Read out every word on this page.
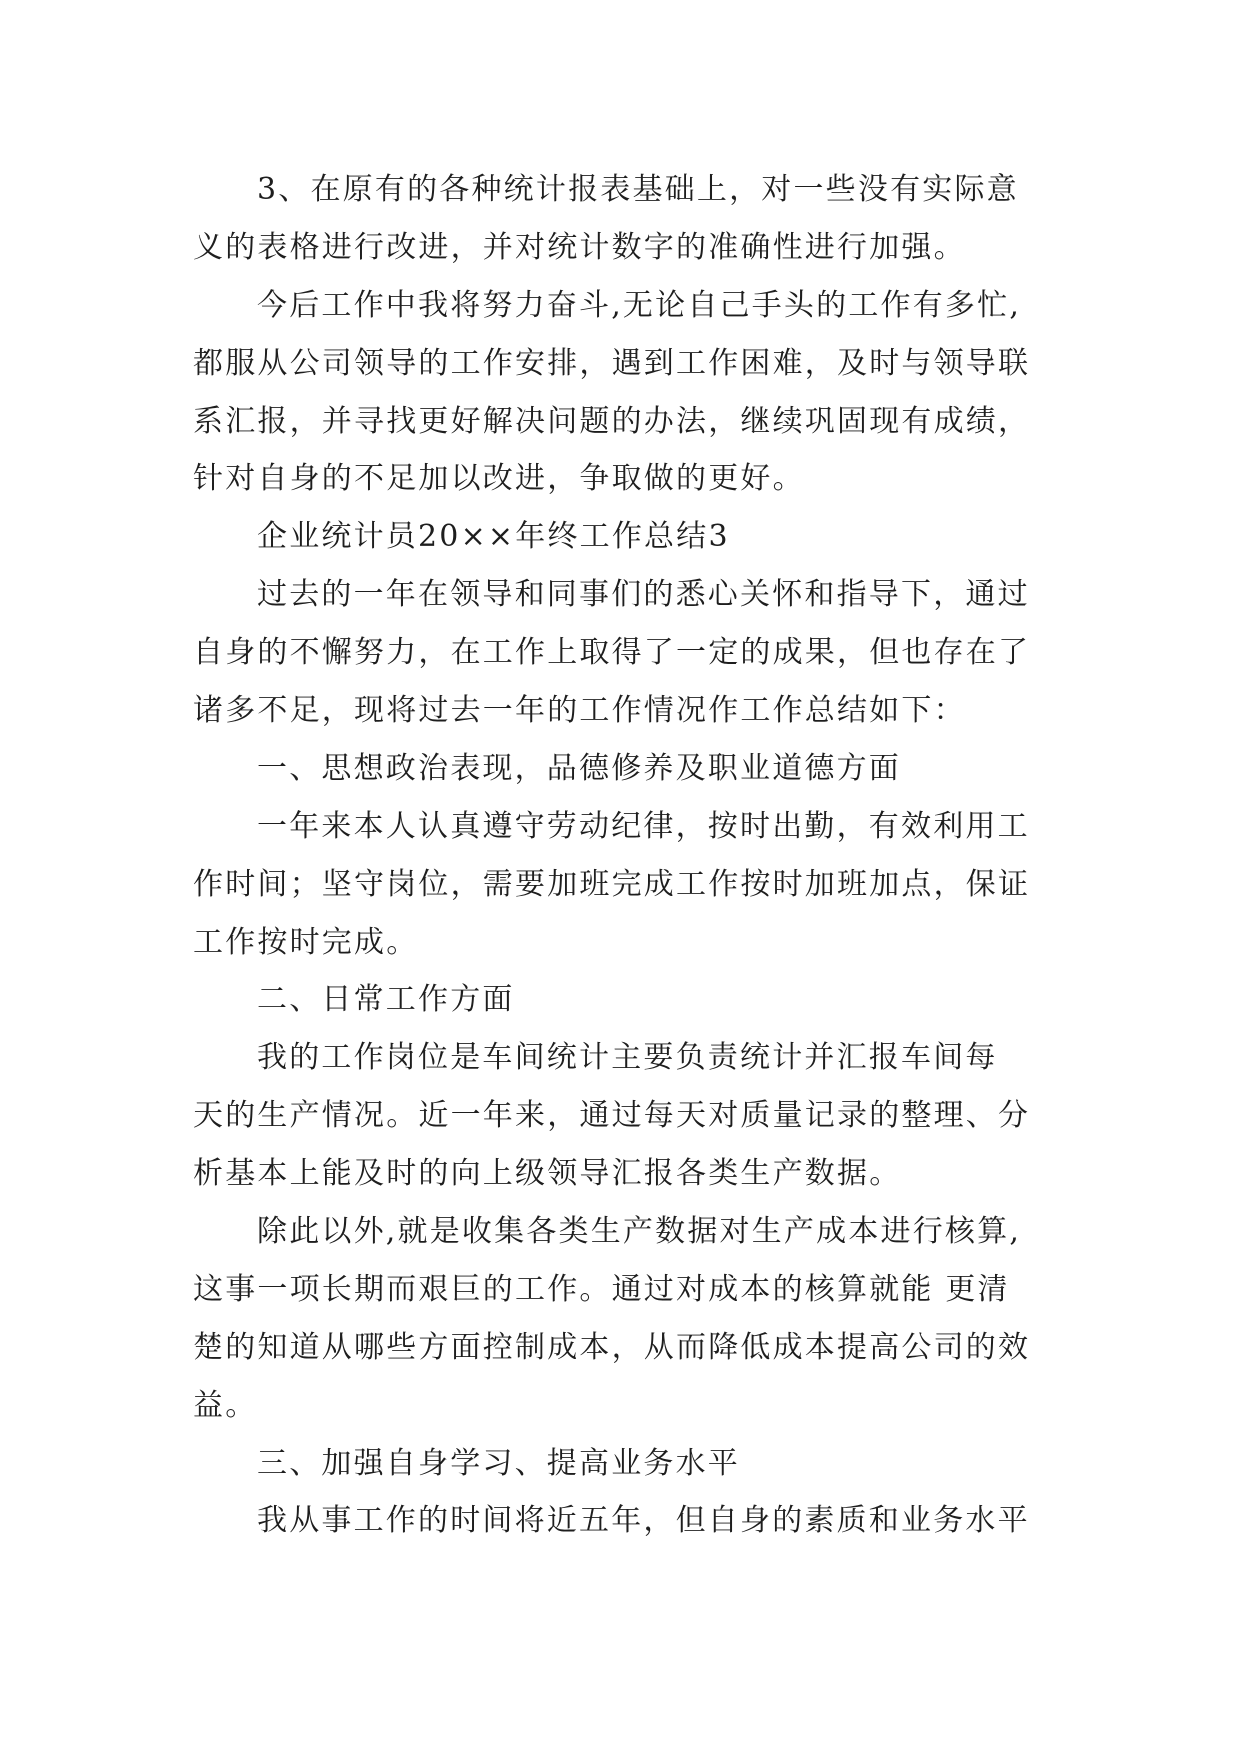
3、在原有的各种统计报表基础上，对一些没有实际意
义的表格进行改进，并对统计数字的准确性进行加强。
今后工作中我将努力奋斗,无论自己手头的工作有多忙,
都服从公司领导的工作安排，遇到工作困难，及时与领导联
系汇报，并寻找更好解决问题的办法，继续巩固现有成绩，
针对自身的不足加以改进，争取做的更好。
企业统计员20××年终工作总结3
过去的一年在领导和同事们的悉心关怀和指导下，通过
自身的不懈努力，在工作上取得了一定的成果，但也存在了
诸多不足，现将过去一年的工作情况作工作总结如下：
一、思想政治表现，品德修养及职业道德方面
一年来本人认真遵守劳动纪律，按时出勤，有效利用工
作时间；坚守岗位，需要加班完成工作按时加班加点，保证
工作按时完成。
二、日常工作方面
我的工作岗位是车间统计主要负责统计并汇报车间每
天的生产情况。近一年来，通过每天对质量记录的整理、分
析基本上能及时的向上级领导汇报各类生产数据。
除此以外,就是收集各类生产数据对生产成本进行核算,
这事一项长期而艰巨的工作。通过对成本的核算就能 更清
楚的知道从哪些方面控制成本，从而降低成本提高公司的效
益。
三、加强自身学习、提高业务水平
我从事工作的时间将近五年，但自身的素质和业务水平
